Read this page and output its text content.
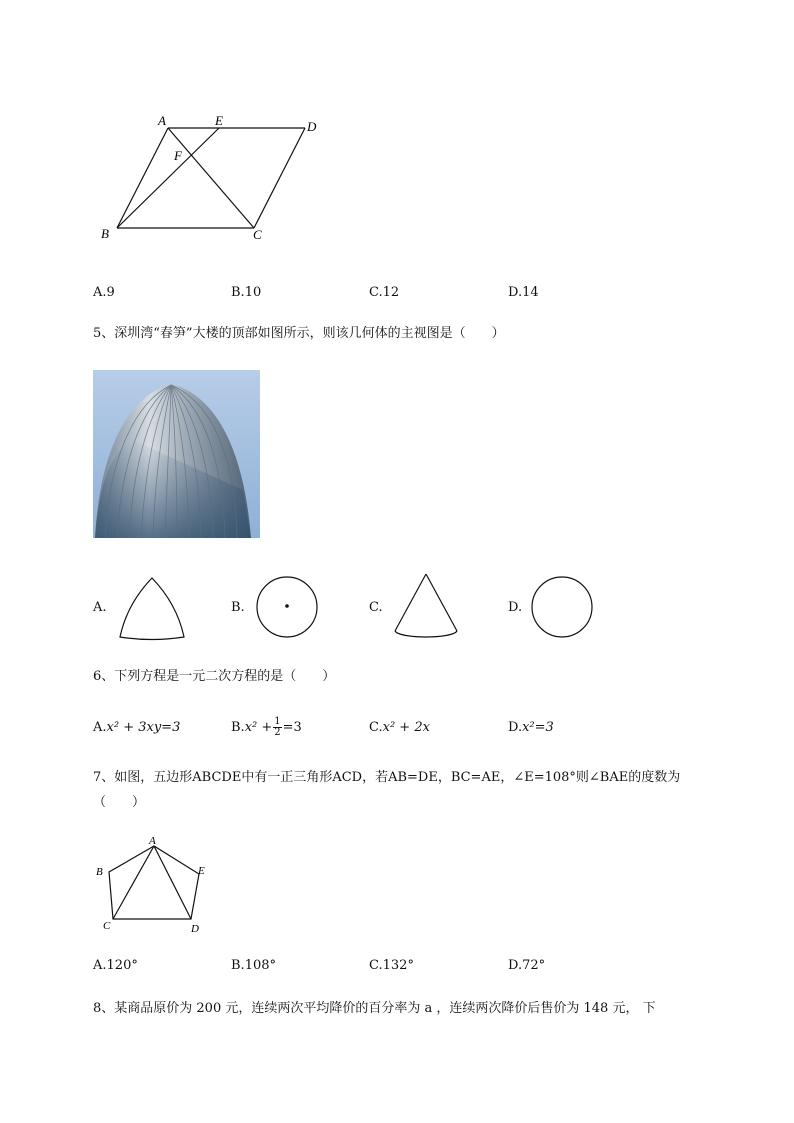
A	E	D
F
B	C
A.9	B.10	C.12	D.14
5、深圳湾“春笋”大楼的顶部如图所示，则该几何体的主视图是（　　）
A.	B.	C.	D.
6、下列方程是一元二次方程的是（　　）
A.x² + 3xy=3	$B.x^2 + \frac{1}{2} =3$	C.x² + 2x	D.x²=3
7、如图，五边形ABCDE中有一正三角形ACD，若AB=DE，BC=AE，∠E=108°则∠BAE的度数为
（　　）
A
B	E
C	D
A.120°	B.108°	C.132°	D.72°
8、某商品原价为 200 元，连续两次平均降价的百分率为 a ，连续两次降价后售价为 148 元， 下
